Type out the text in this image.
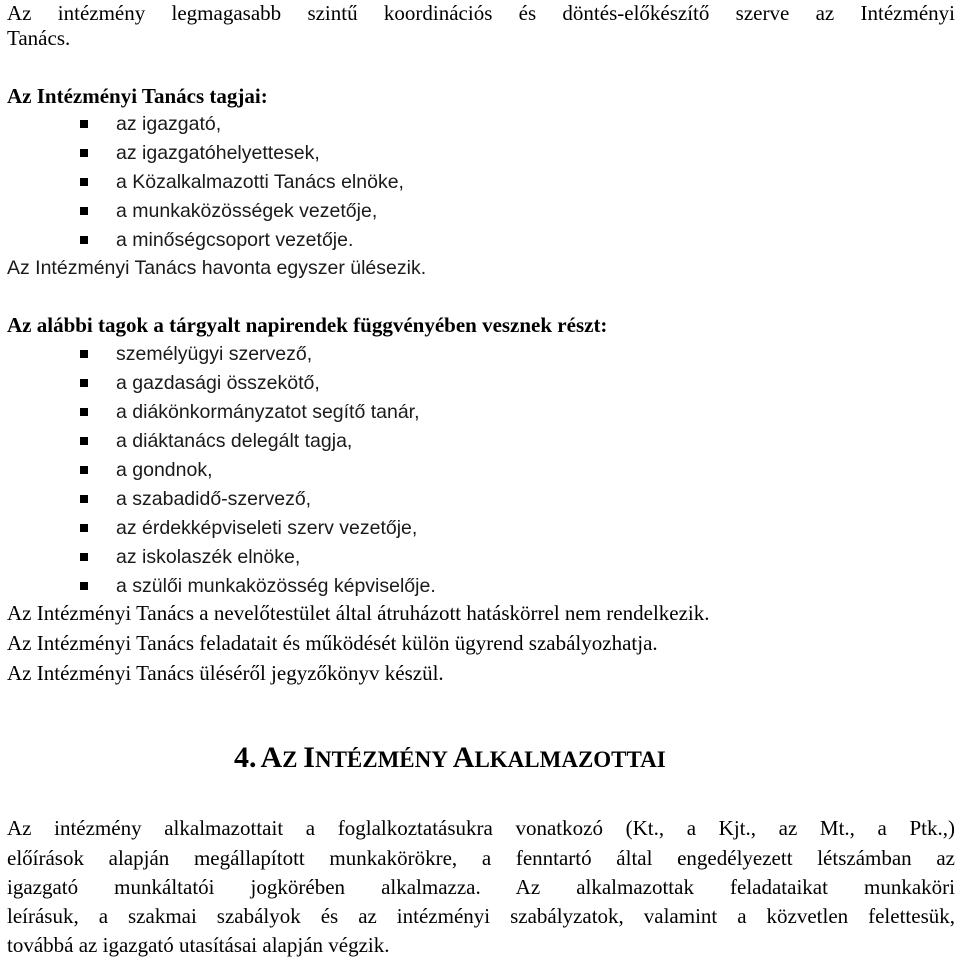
Az intézmény legmagasabb szintű koordinációs és döntés-előkészítő szerve az Intézményi
Tanács.
Az Intézményi Tanács tagjai:
az igazgató,
az igazgatóhelyettesek,
a Közalkalmazotti Tanács elnöke,
a munkaközösségek vezetője,
a minőségcsoport vezetője.
Az Intézményi Tanács havonta egyszer ülésezik.
Az alábbi tagok a tárgyalt napirendek függvényében vesznek részt:
személyügyi szervező,
a gazdasági összekötő,
a diákönkormányzatot segítő tanár,
a diáktanács delegált tagja,
a gondnok,
a szabadidő-szervező,
az érdekképviseleti szerv vezetője,
az iskolaszék elnöke,
a szülői munkaközösség képviselője.
Az Intézményi Tanács a nevelőtestület által átruházott hatáskörrel nem rendelkezik.
Az Intézményi Tanács feladatait és működését külön ügyrend szabályozhatja.
Az Intézményi Tanács üléséről jegyzőkönyv készül.
4. AZ INTÉZMÉNY ALKALMAZOTTAI
Az intézmény alkalmazottait a foglalkoztatásukra vonatkozó (Kt., a Kjt., az Mt., a Ptk.,)
előírások alapján megállapított munkakörökre, a fenntartó által engedélyezett létszámban az
igazgató munkáltatói jogkörében alkalmazza. Az alkalmazottak feladataikat munkaköri
leírásuk, a szakmai szabályok és az intézményi szabályzatok, valamint a közvetlen felettesük,
továbbá az igazgató utasításai alapján végzik.
